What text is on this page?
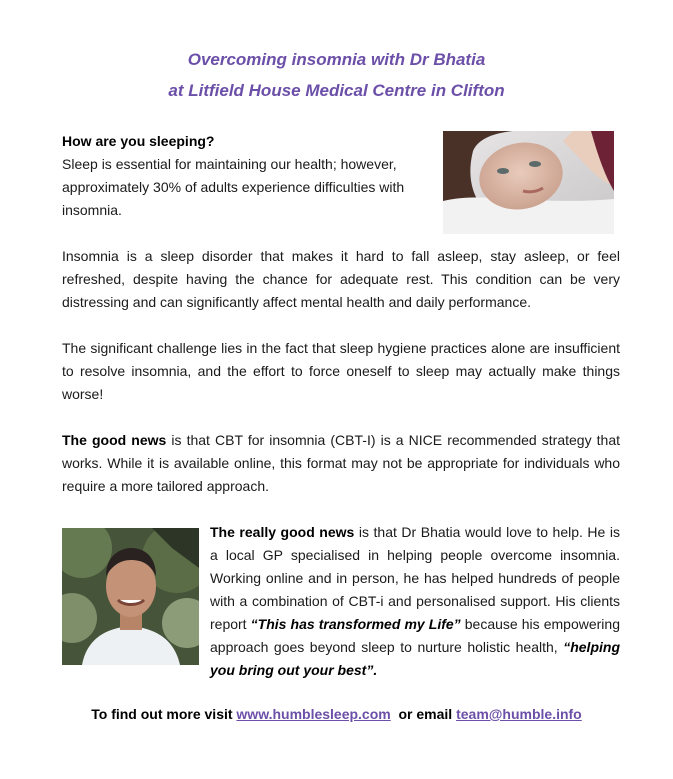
Overcoming insomnia with Dr Bhatia
at Litfield House Medical Centre in Clifton
How are you sleeping?
Sleep is essential for maintaining our health; however, approximately 30% of adults experience difficulties with insomnia.
Insomnia is a sleep disorder that makes it hard to fall asleep, stay asleep, or feel refreshed, despite having the chance for adequate rest. This condition can be very distressing and can significantly affect mental health and daily performance.
The significant challenge lies in the fact that sleep hygiene practices alone are insufficient to resolve insomnia, and the effort to force oneself to sleep may actually make things worse!
The good news is that CBT for insomnia (CBT-I) is a NICE recommended strategy that works. While it is available online, this format may not be appropriate for individuals who require a more tailored approach.
The really good news is that Dr Bhatia would love to help. He is a local GP specialised in helping people overcome insomnia. Working online and in person, he has helped hundreds of people with a combination of CBT-i and personalised support. His clients report “This has transformed my Life” because his empowering approach goes beyond sleep to nurture holistic health, “helping you bring out your best”.
To find out more visit www.humblesleep.com  or email team@humble.info
